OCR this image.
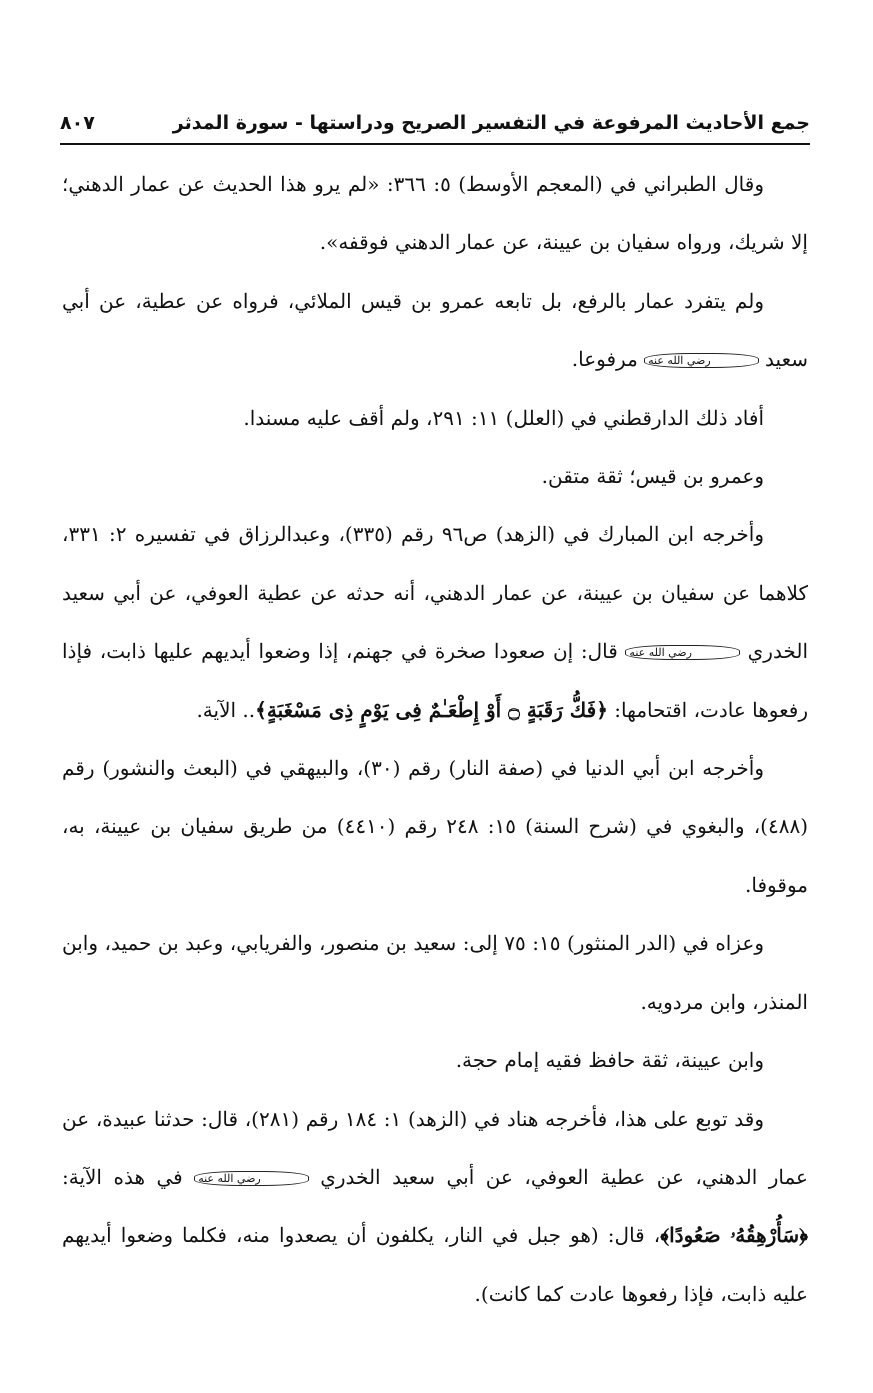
جمع الأحاديث المرفوعة في التفسير الصريح ودراستها - سورة المدثر
٨٠٧

وقال الطبراني في (المعجم الأوسط) ٥: ٣٦٦: «لم يرو هذا الحديث عن عمار الدهني؛ إلا شريك، ورواه سفيان بن عيينة، عن عمار الدهني فوقفه».

ولم يتفرد عمار بالرفع، بل تابعه عمرو بن قيس الملائي، فرواه عن عطية، عن أبي سعيد رضي الله عنه مرفوعا.

أفاد ذلك الدارقطني في (العلل) ١١: ٢٩١، ولم أقف عليه مسندا.

وعمرو بن قيس؛ ثقة متقن.

وأخرجه ابن المبارك في (الزهد) ص٩٦ رقم (٣٣٥)، وعبدالرزاق في تفسيره ٢: ٣٣١، كلاهما عن سفيان بن عيينة، عن عمار الدهني، أنه حدثه عن عطية العوفي، عن أبي سعيد الخدري رضي الله عنه قال: إن صعودا صخرة في جهنم، إذا وضعوا أيديهم عليها ذابت، فإذا رفعوها عادت، اقتحامها: ﴿فَكُّ رَقَبَةٍ ۝ أَوْ إِطْعَـٰمٌ فِى يَوْمٍ ذِى مَسْغَبَةٍ﴾.. الآية.

وأخرجه ابن أبي الدنيا في (صفة النار) رقم (٣٠)، والبيهقي في (البعث والنشور) رقم (٤٨٨)، والبغوي في (شرح السنة) ١٥: ٢٤٨ رقم (٤٤١٠) من طريق سفيان بن عيينة، به، موقوفا.

وعزاه في (الدر المنثور) ١٥: ٧٥ إلى: سعيد بن منصور، والفريابي، وعبد بن حميد، وابن المنذر، وابن مردويه.

وابن عيينة، ثقة حافظ فقيه إمام حجة.

وقد توبع على هذا، فأخرجه هناد في (الزهد) ١: ١٨٤ رقم (٢٨١)، قال: حدثنا عبيدة، عن عمار الدهني، عن عطية العوفي، عن أبي سعيد الخدري رضي الله عنه في هذه الآية: ﴿سَأُرْهِقُهُۥ صَعُودًا﴾، قال: (هو جبل في النار، يكلفون أن يصعدوا منه، فكلما وضعوا أيديهم عليه ذابت، فإذا رفعوها عادت كما كانت).
